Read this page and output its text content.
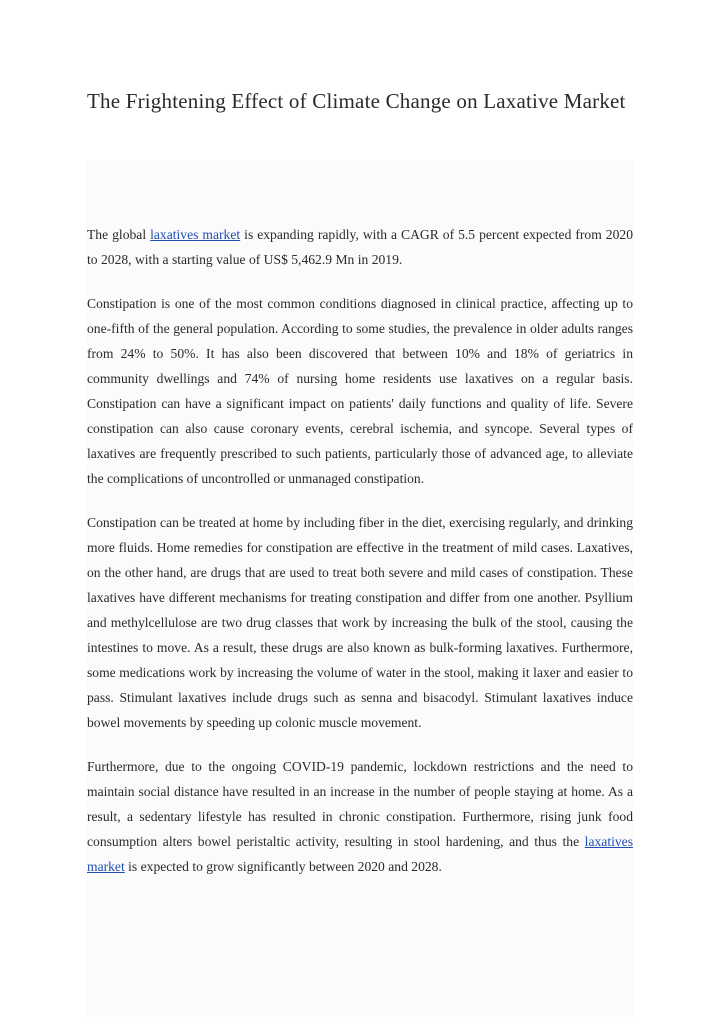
The Frightening Effect of Climate Change on Laxative Market

The global laxatives market is expanding rapidly, with a CAGR of 5.5 percent expected from 2020 to 2028, with a starting value of US$ 5,462.9 Mn in 2019.

Constipation is one of the most common conditions diagnosed in clinical practice, affecting up to one-fifth of the general population. According to some studies, the prevalence in older adults ranges from 24% to 50%. It has also been discovered that between 10% and 18% of geriatrics in community dwellings and 74% of nursing home residents use laxatives on a regular basis. Constipation can have a significant impact on patients' daily functions and quality of life. Severe constipation can also cause coronary events, cerebral ischemia, and syncope. Several types of laxatives are frequently prescribed to such patients, particularly those of advanced age, to alleviate the complications of uncontrolled or unmanaged constipation.

Constipation can be treated at home by including fiber in the diet, exercising regularly, and drinking more fluids. Home remedies for constipation are effective in the treatment of mild cases. Laxatives, on the other hand, are drugs that are used to treat both severe and mild cases of constipation. These laxatives have different mechanisms for treating constipation and differ from one another. Psyllium and methylcellulose are two drug classes that work by increasing the bulk of the stool, causing the intestines to move. As a result, these drugs are also known as bulk-forming laxatives. Furthermore, some medications work by increasing the volume of water in the stool, making it laxer and easier to pass. Stimulant laxatives include drugs such as senna and bisacodyl. Stimulant laxatives induce bowel movements by speeding up colonic muscle movement.

Furthermore, due to the ongoing COVID-19 pandemic, lockdown restrictions and the need to maintain social distance have resulted in an increase in the number of people staying at home. As a result, a sedentary lifestyle has resulted in chronic constipation. Furthermore, rising junk food consumption alters bowel peristaltic activity, resulting in stool hardening, and thus the laxatives market is expected to grow significantly between 2020 and 2028.
